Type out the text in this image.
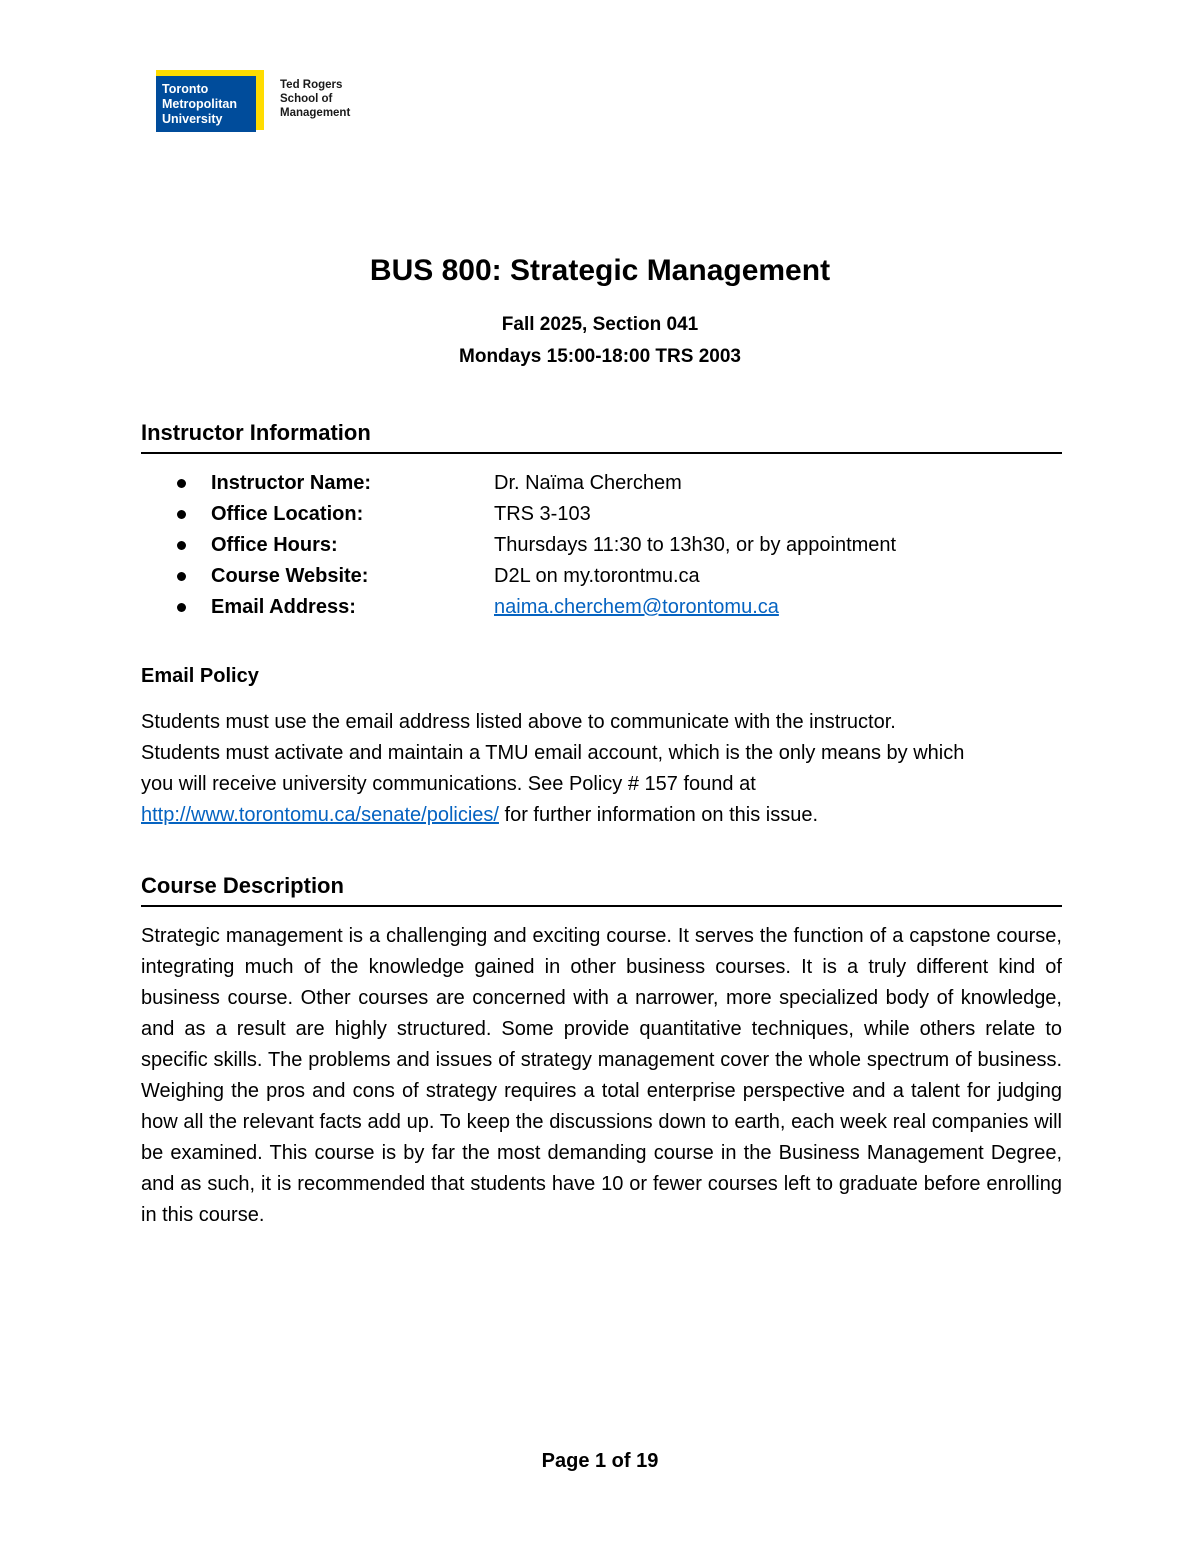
Toronto
Metropolitan
University
Ted Rogers
School of
Management
BUS 800: Strategic Management
Fall 2025, Section 041
Mondays 15:00-18:00 TRS 2003
Instructor Information
Instructor Name:	Dr. Naïma Cherchem
Office Location:	TRS 3-103
Office Hours:	Thursdays 11:30 to 13h30, or by appointment
Course Website:	D2L on my.torontmu.ca
Email Address:	naima.cherchem@torontomu.ca
Email Policy
Students must use the email address listed above to communicate with the instructor.
Students must activate and maintain a TMU email account, which is the only means by which
you will receive university communications. See Policy # 157 found at
http://www.torontomu.ca/senate/policies/ for further information on this issue.
Course Description

Strategic management is a challenging and exciting course. It serves the function of a capstone course, integrating much of the knowledge gained in other business courses. It is a truly different kind of business course. Other courses are concerned with a narrower, more specialized body of knowledge, and as a result are highly structured. Some provide quantitative techniques, while others relate to specific skills. The problems and issues of strategy management cover the whole spectrum of business. Weighing the pros and cons of strategy requires a total enterprise perspective and a talent for judging how all the relevant facts add up. To keep the discussions down to earth, each week real companies will be examined. This course is by far the most demanding course in the Business Management Degree, and as such, it is recommended that students have 10 or fewer courses left to graduate before enrolling in this course.

Page 1 of 19
